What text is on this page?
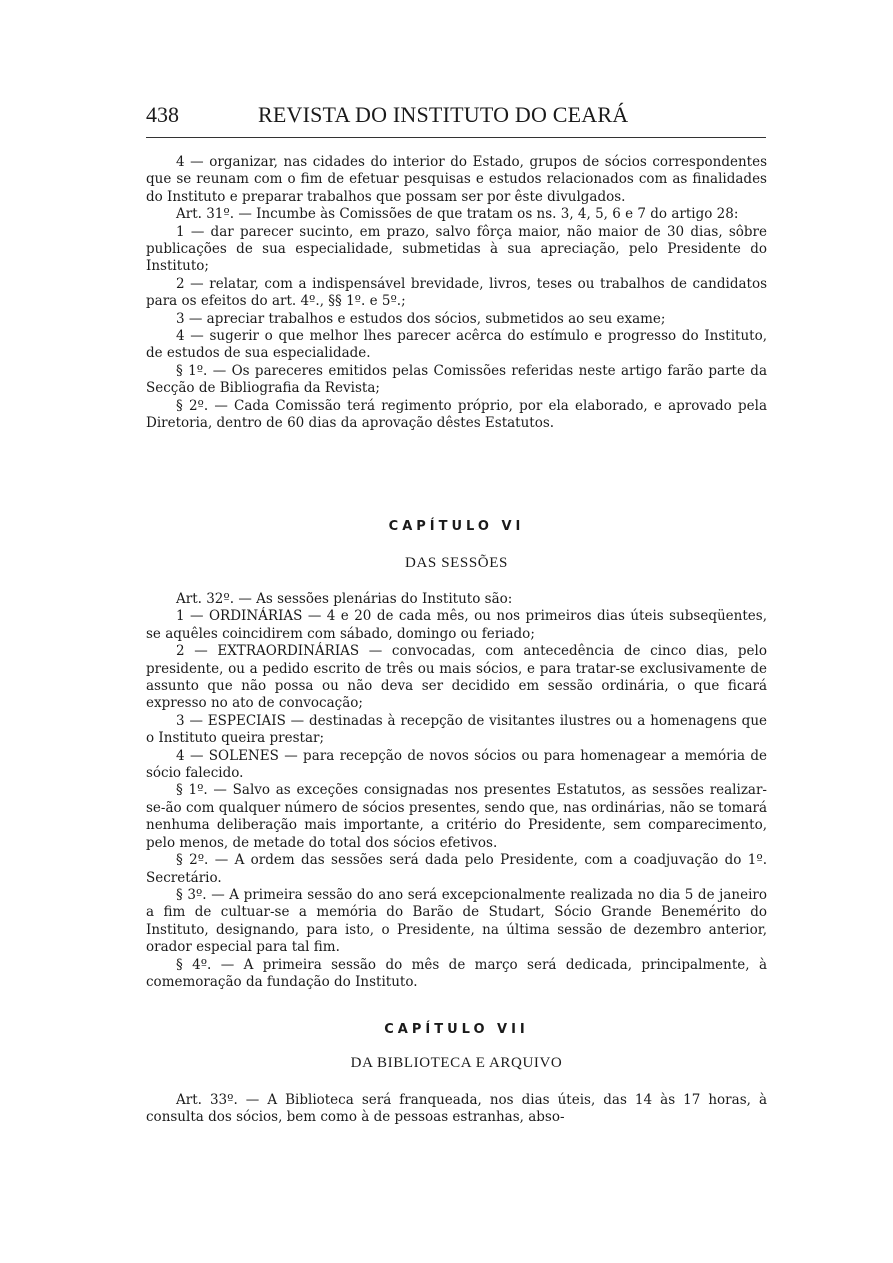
438	REVISTA DO INSTITUTO DO CEARÁ

4 — organizar, nas cidades do interior do Estado, grupos de sócios correspondentes que se reunam com o fim de efetuar pesquisas e estudos relacionados com as finalidades do Instituto e preparar trabalhos que possam ser por êste divulgados.

Art. 31º. — Incumbe às Comissões de que tratam os ns. 3, 4, 5, 6 e 7 do artigo 28:

1 — dar parecer sucinto, em prazo, salvo fôrça maior, não maior de 30 dias, sôbre publicações de sua especialidade, submetidas à sua apreciação, pelo Presidente do Instituto;

2 — relatar, com a indispensável brevidade, livros, teses ou trabalhos de candidatos para os efeitos do art. 4º., §§ 1º. e 5º.;

3 — apreciar trabalhos e estudos dos sócios, submetidos ao seu exame;

4 — sugerir o que melhor lhes parecer acêrca do estímulo e progresso do Instituto, de estudos de sua especialidade.

§ 1º. — Os pareceres emitidos pelas Comissões referidas neste artigo farão parte da Secção de Bibliografia da Revista;

§ 2º. — Cada Comissão terá regimento próprio, por ela elaborado, e aprovado pela Diretoria, dentro de 60 dias da aprovação dêstes Estatutos.

CAPÍTULO VI
DAS SESSÕES

Art. 32º. — As sessões plenárias do Instituto são:

1 — ORDINÁRIAS — 4 e 20 de cada mês, ou nos primeiros dias úteis subseqüentes, se aquêles coincidirem com sábado, domingo ou feriado;

2 — EXTRAORDINÁRIAS — convocadas, com antecedência de cinco dias, pelo presidente, ou a pedido escrito de três ou mais sócios, e para tratar-se exclusivamente de assunto que não possa ou não deva ser decidido em sessão ordinária, o que ficará expresso no ato de convocação;

3 — ESPECIAIS — destinadas à recepção de visitantes ilustres ou a homenagens que o Instituto queira prestar;

4 — SOLENES — para recepção de novos sócios ou para homenagear a memória de sócio falecido.

§ 1º. — Salvo as exceções consignadas nos presentes Estatutos, as sessões realizar-se-ão com qualquer número de sócios presentes, sendo que, nas ordinárias, não se tomará nenhuma deliberação mais importante, a critério do Presidente, sem comparecimento, pelo menos, de metade do total dos sócios efetivos.

§ 2º. — A ordem das sessões será dada pelo Presidente, com a coadjuvação do 1º. Secretário.

§ 3º. — A primeira sessão do ano será excepcionalmente realizada no dia 5 de janeiro a fim de cultuar-se a memória do Barão de Studart, Sócio Grande Benemérito do Instituto, designando, para isto, o Presidente, na última sessão de dezembro anterior, orador especial para tal fim.

§ 4º. — A primeira sessão do mês de março será dedicada, principalmente, à comemoração da fundação do Instituto.

CAPÍTULO VII
DA BIBLIOTECA E ARQUIVO

Art. 33º. — A Biblioteca será franqueada, nos dias úteis, das 14 às 17 horas, à consulta dos sócios, bem como à de pessoas estranhas, abso-
